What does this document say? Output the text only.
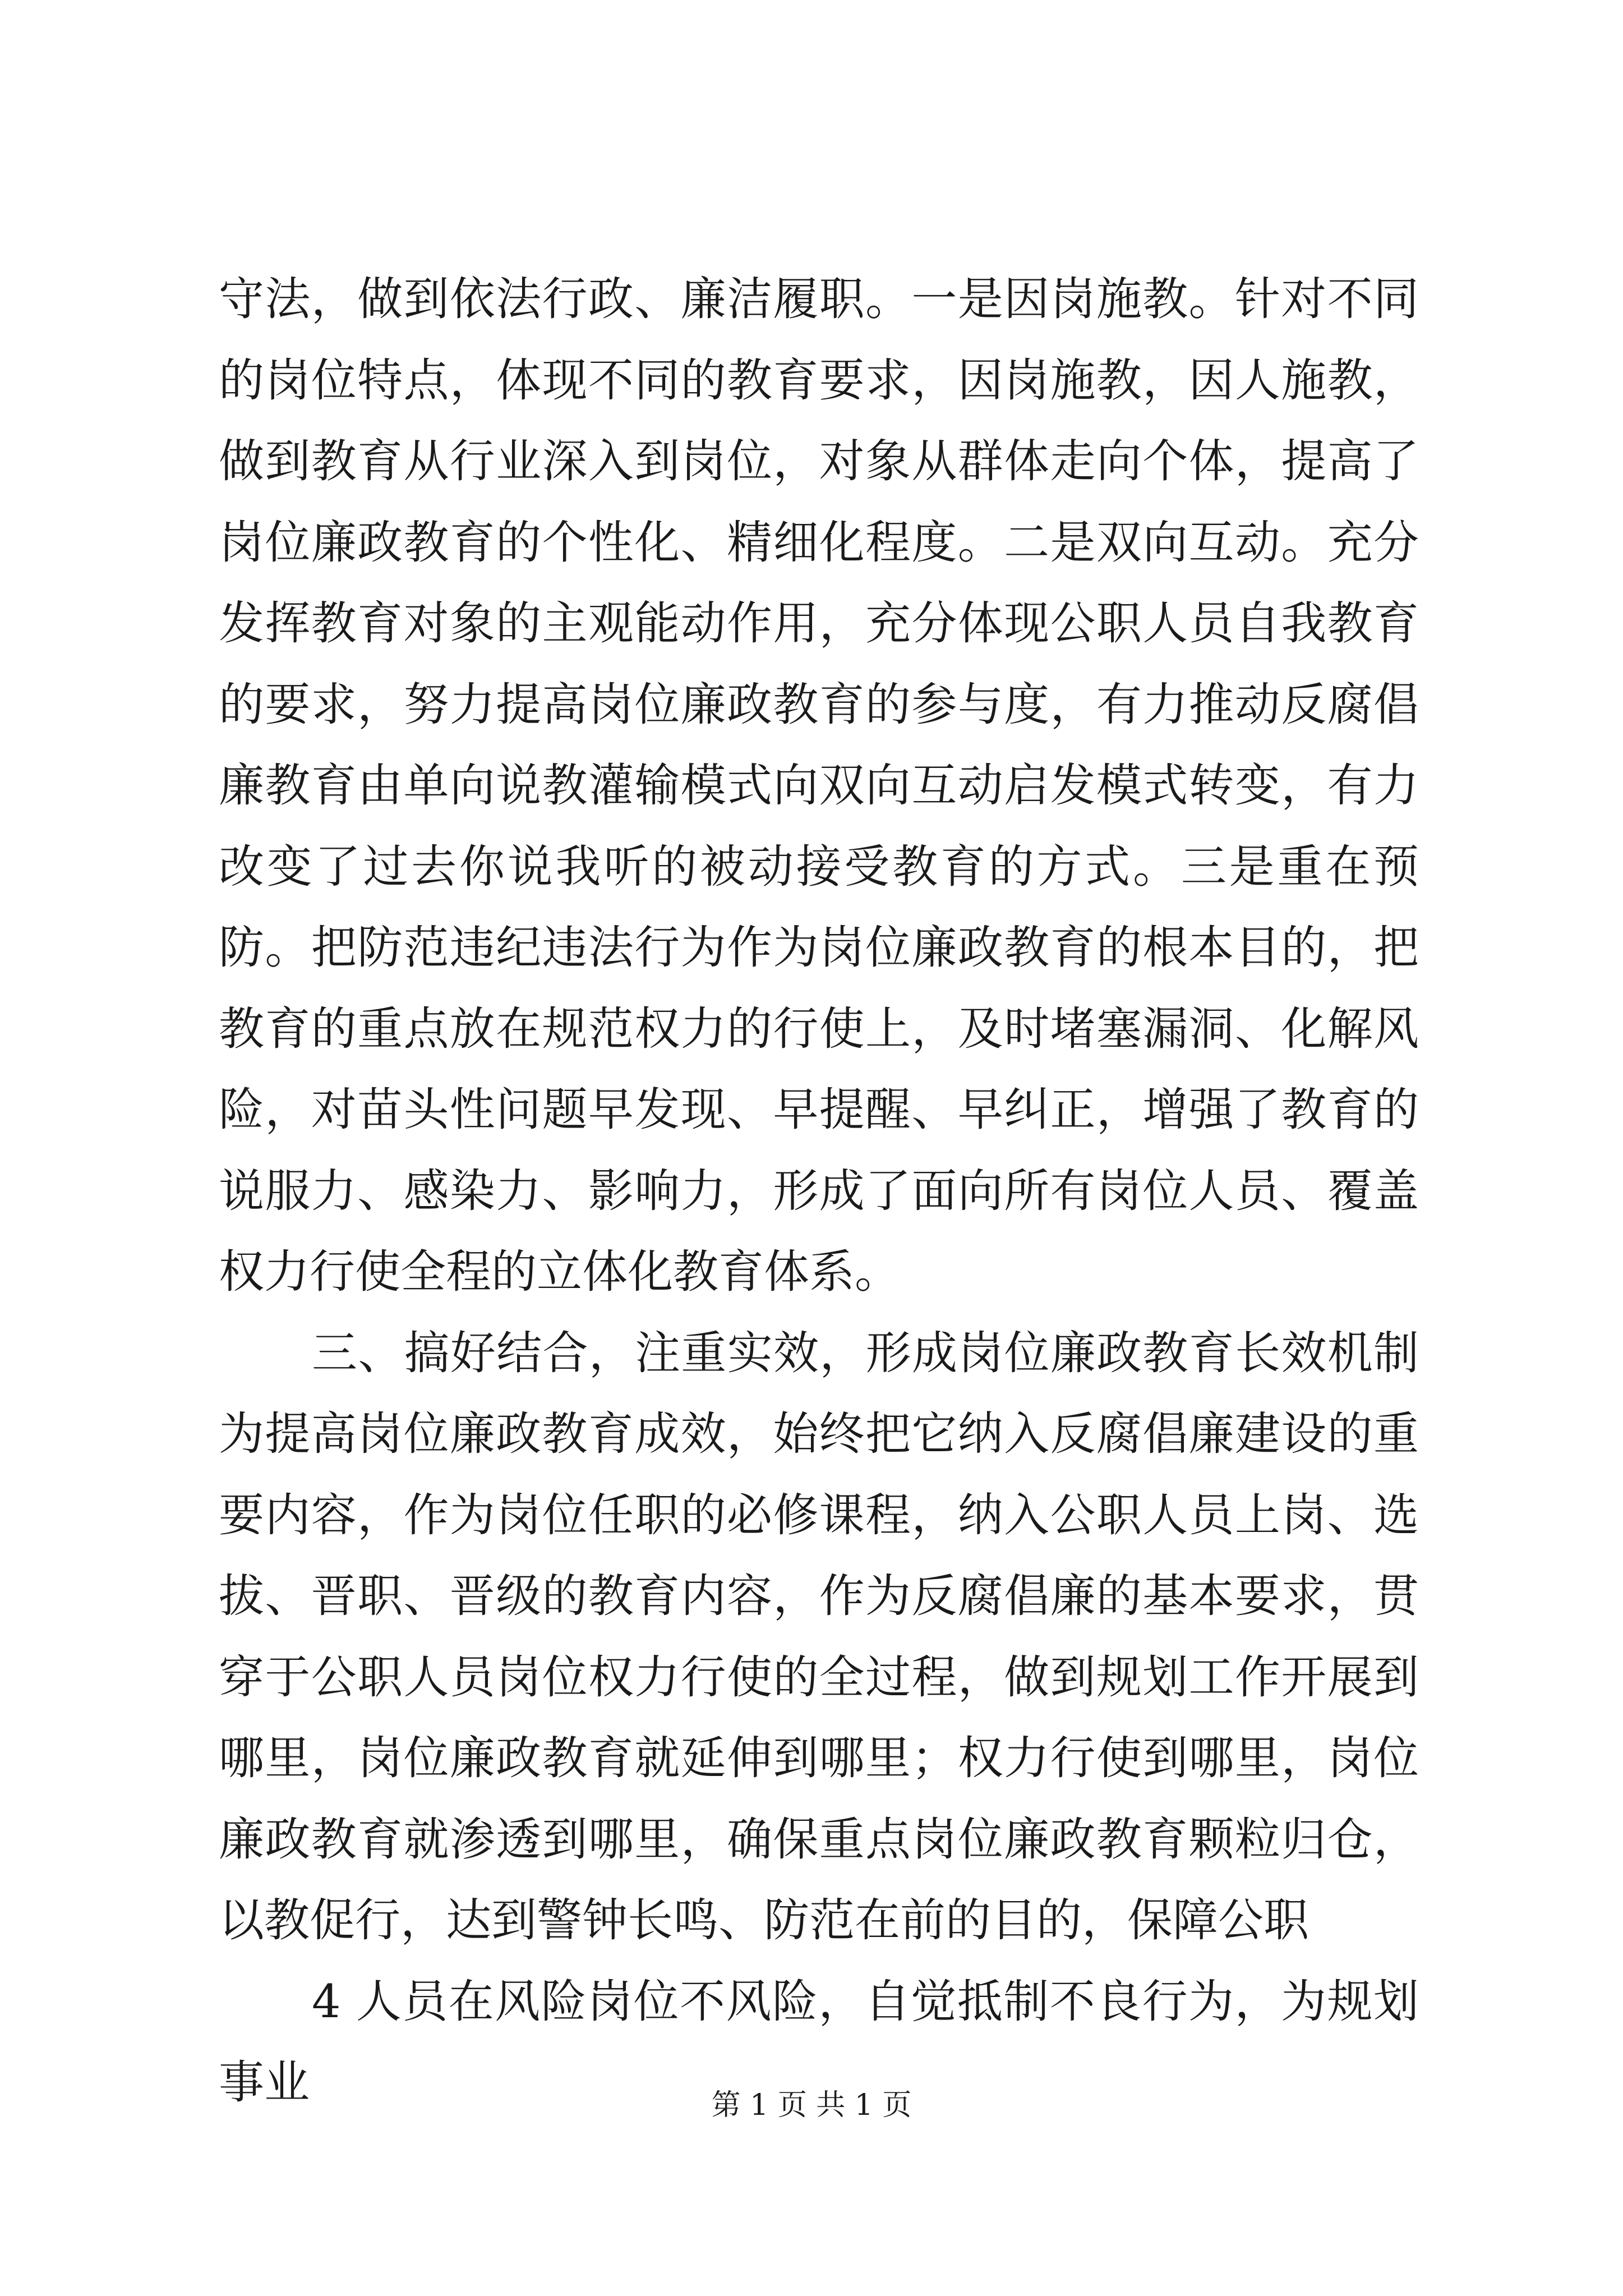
守法，做到依法行政、廉洁履职。一是因岗施教。针对不同的岗位特点，体现不同的教育要求，因岗施教，因人施教，做到教育从行业深入到岗位，对象从群体走向个体，提高了岗位廉政教育的个性化、精细化程度。二是双向互动。充分发挥教育对象的主观能动作用，充分体现公职人员自我教育的要求，努力提高岗位廉政教育的参与度，有力推动反腐倡廉教育由单向说教灌输模式向双向互动启发模式转变，有力改变了过去你说我听的被动接受教育的方式。三是重在预防。把防范违纪违法行为作为岗位廉政教育的根本目的，把教育的重点放在规范权力的行使上，及时堵塞漏洞、化解风险，对苗头性问题早发现、早提醒、早纠正，增强了教育的说服力、感染力、影响力，形成了面向所有岗位人员、覆盖权力行使全程的立体化教育体系。

三、搞好结合，注重实效，形成岗位廉政教育长效机制为提高岗位廉政教育成效，始终把它纳入反腐倡廉建设的重要内容，作为岗位任职的必修课程，纳入公职人员上岗、选拔、晋职、晋级的教育内容，作为反腐倡廉的基本要求，贯穿于公职人员岗位权力行使的全过程，做到规划工作开展到哪里，岗位廉政教育就延伸到哪里；权力行使到哪里，岗位廉政教育就渗透到哪里，确保重点岗位廉政教育颗粒归仓，以教促行，达到警钟长鸣、防范在前的目的，保障公职

4 人员在风险岗位不风险，自觉抵制不良行为，为规划事业	第 1 页 共 1 页
